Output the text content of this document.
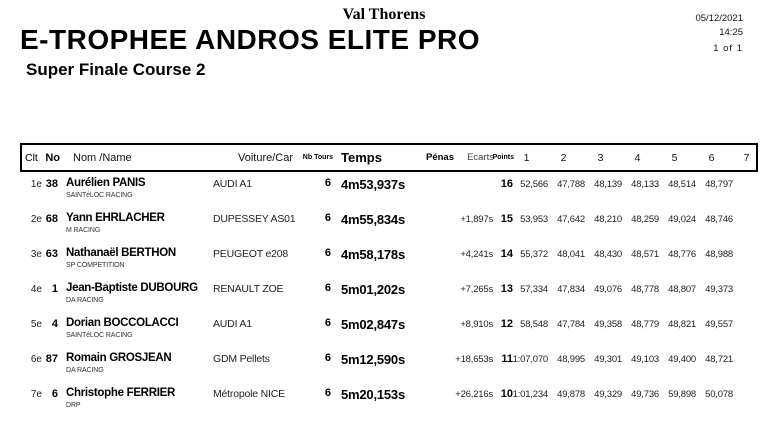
Val Thorens
E-TROPHEE ANDROS ELITE PRO
Super Finale Course 2
05/12/2021
14:25
1 of 1
Clt No	Nom /Name	Voiture/Car	Nb Tours Temps	Pénas	Ecarts
Points 1	2	3	4	5	6	7
1e 38 Aurélien PANIS
SAINTéLOC RACING
AUDI A1	6 4m53,937s	16 52,566 47,788 48,139 48,133 48,514 48,797
2e 68 Yann EHRLACHER
M RACING
DUPESSEY AS01	6 4m55,834s	+1,897s 15 53,953 47,642 48,210 48,259 49,024 48,746
3e 63 Nathanaël BERTHON
SP COMPETITION
PEUGEOT e208	6 4m58,178s	+4,241s 14 55,372 48,041 48,430 48,571 48,776 48,988
4e 1 Jean-Baptiste DUBOURG
DA RACING
RENAULT ZOE	6 5m01,202s	+7,265s 13 57,334 47,834 49,076 48,778 48,807 49,373
5e 4 Dorian BOCCOLACCI
SAINTéLOC RACING
AUDI A1	6 5m02,847s	+8,910s 12 58,548 47,784 49,358 48,779 48,821 49,557
6e 87 Romain GROSJEAN
DA RACING
GDM Pellets	6 5m12,590s	+18,653s 11 1:07,070 48,995 49,301 49,103 49,400 48,721
7e 6 Christophe FERRIER
DRP
Métropole NICE	6 5m20,153s	+26,216s 10 1:01,234 49,878 49,329 49,736 59,898 50,078
